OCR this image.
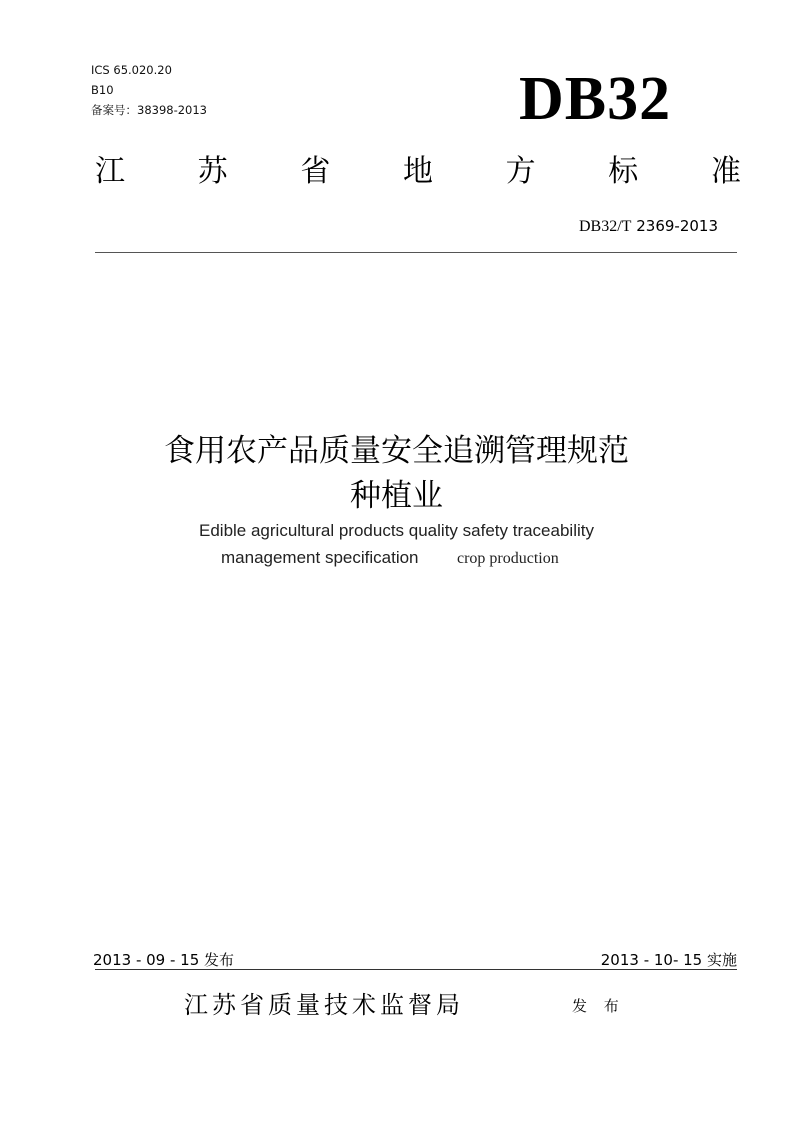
ICS 65.020.20
B10
备案号：38398-2013	DB32
江 苏 省 地 方 标 准
DB32/T 2369-2013
食用农产品质量安全追溯管理规范
种植业
Edible agricultural products quality safety traceability
management specification crop production
2013 - 09 - 15 发布	2013 - 10- 15 实施
江苏省质量技术监督局	发 布
